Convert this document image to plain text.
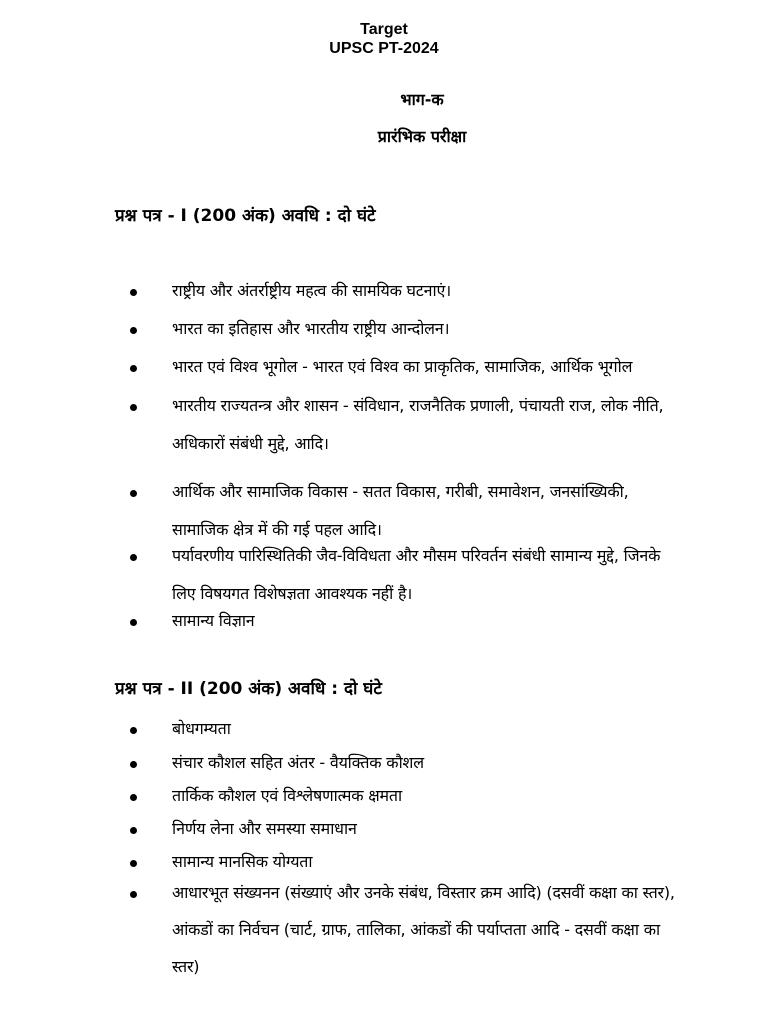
Target
UPSC PT-2024
भाग-क
प्रारंभिक परीक्षा
प्रश्न पत्र - I (200 अंक) अवधि : दो घंटे
राष्ट्रीय और अंतर्राष्ट्रीय महत्व की सामयिक घटनाएं।
भारत का इतिहास और भारतीय राष्ट्रीय आन्दोलन।
भारत एवं विश्व भूगोल - भारत एवं विश्व का प्राकृतिक, सामाजिक, आर्थिक भूगोल
भारतीय राज्यतन्त्र और शासन - संविधान, राजनैतिक प्रणाली, पंचायती राज, लोक नीति,
अधिकारों संबंधी मुद्दे, आदि।
आर्थिक और सामाजिक विकास - सतत विकास, गरीबी, समावेशन, जनसांख्यिकी,
सामाजिक क्षेत्र में की गई पहल आदि।
पर्यावरणीय पारिस्थितिकी जैव-विविधता और मौसम परिवर्तन संबंधी सामान्य मुद्दे, जिनके
लिए विषयगत विशेषज्ञता आवश्यक नहीं है।
सामान्य विज्ञान
प्रश्न पत्र - II (200 अंक) अवधि : दो घंटे
बोधगम्यता
संचार कौशल सहित अंतर - वैयक्तिक कौशल
तार्किक कौशल एवं विश्लेषणात्मक क्षमता
निर्णय लेना और समस्या समाधान
सामान्य मानसिक योग्यता
आधारभूत संख्यनन (संख्याएं और उनके संबंध, विस्तार क्रम आदि) (दसवीं कक्षा का स्तर),
आंकडों का निर्वचन (चार्ट, ग्राफ, तालिका, आंकडों की पर्याप्तता आदि - दसवीं कक्षा का
स्तर)
